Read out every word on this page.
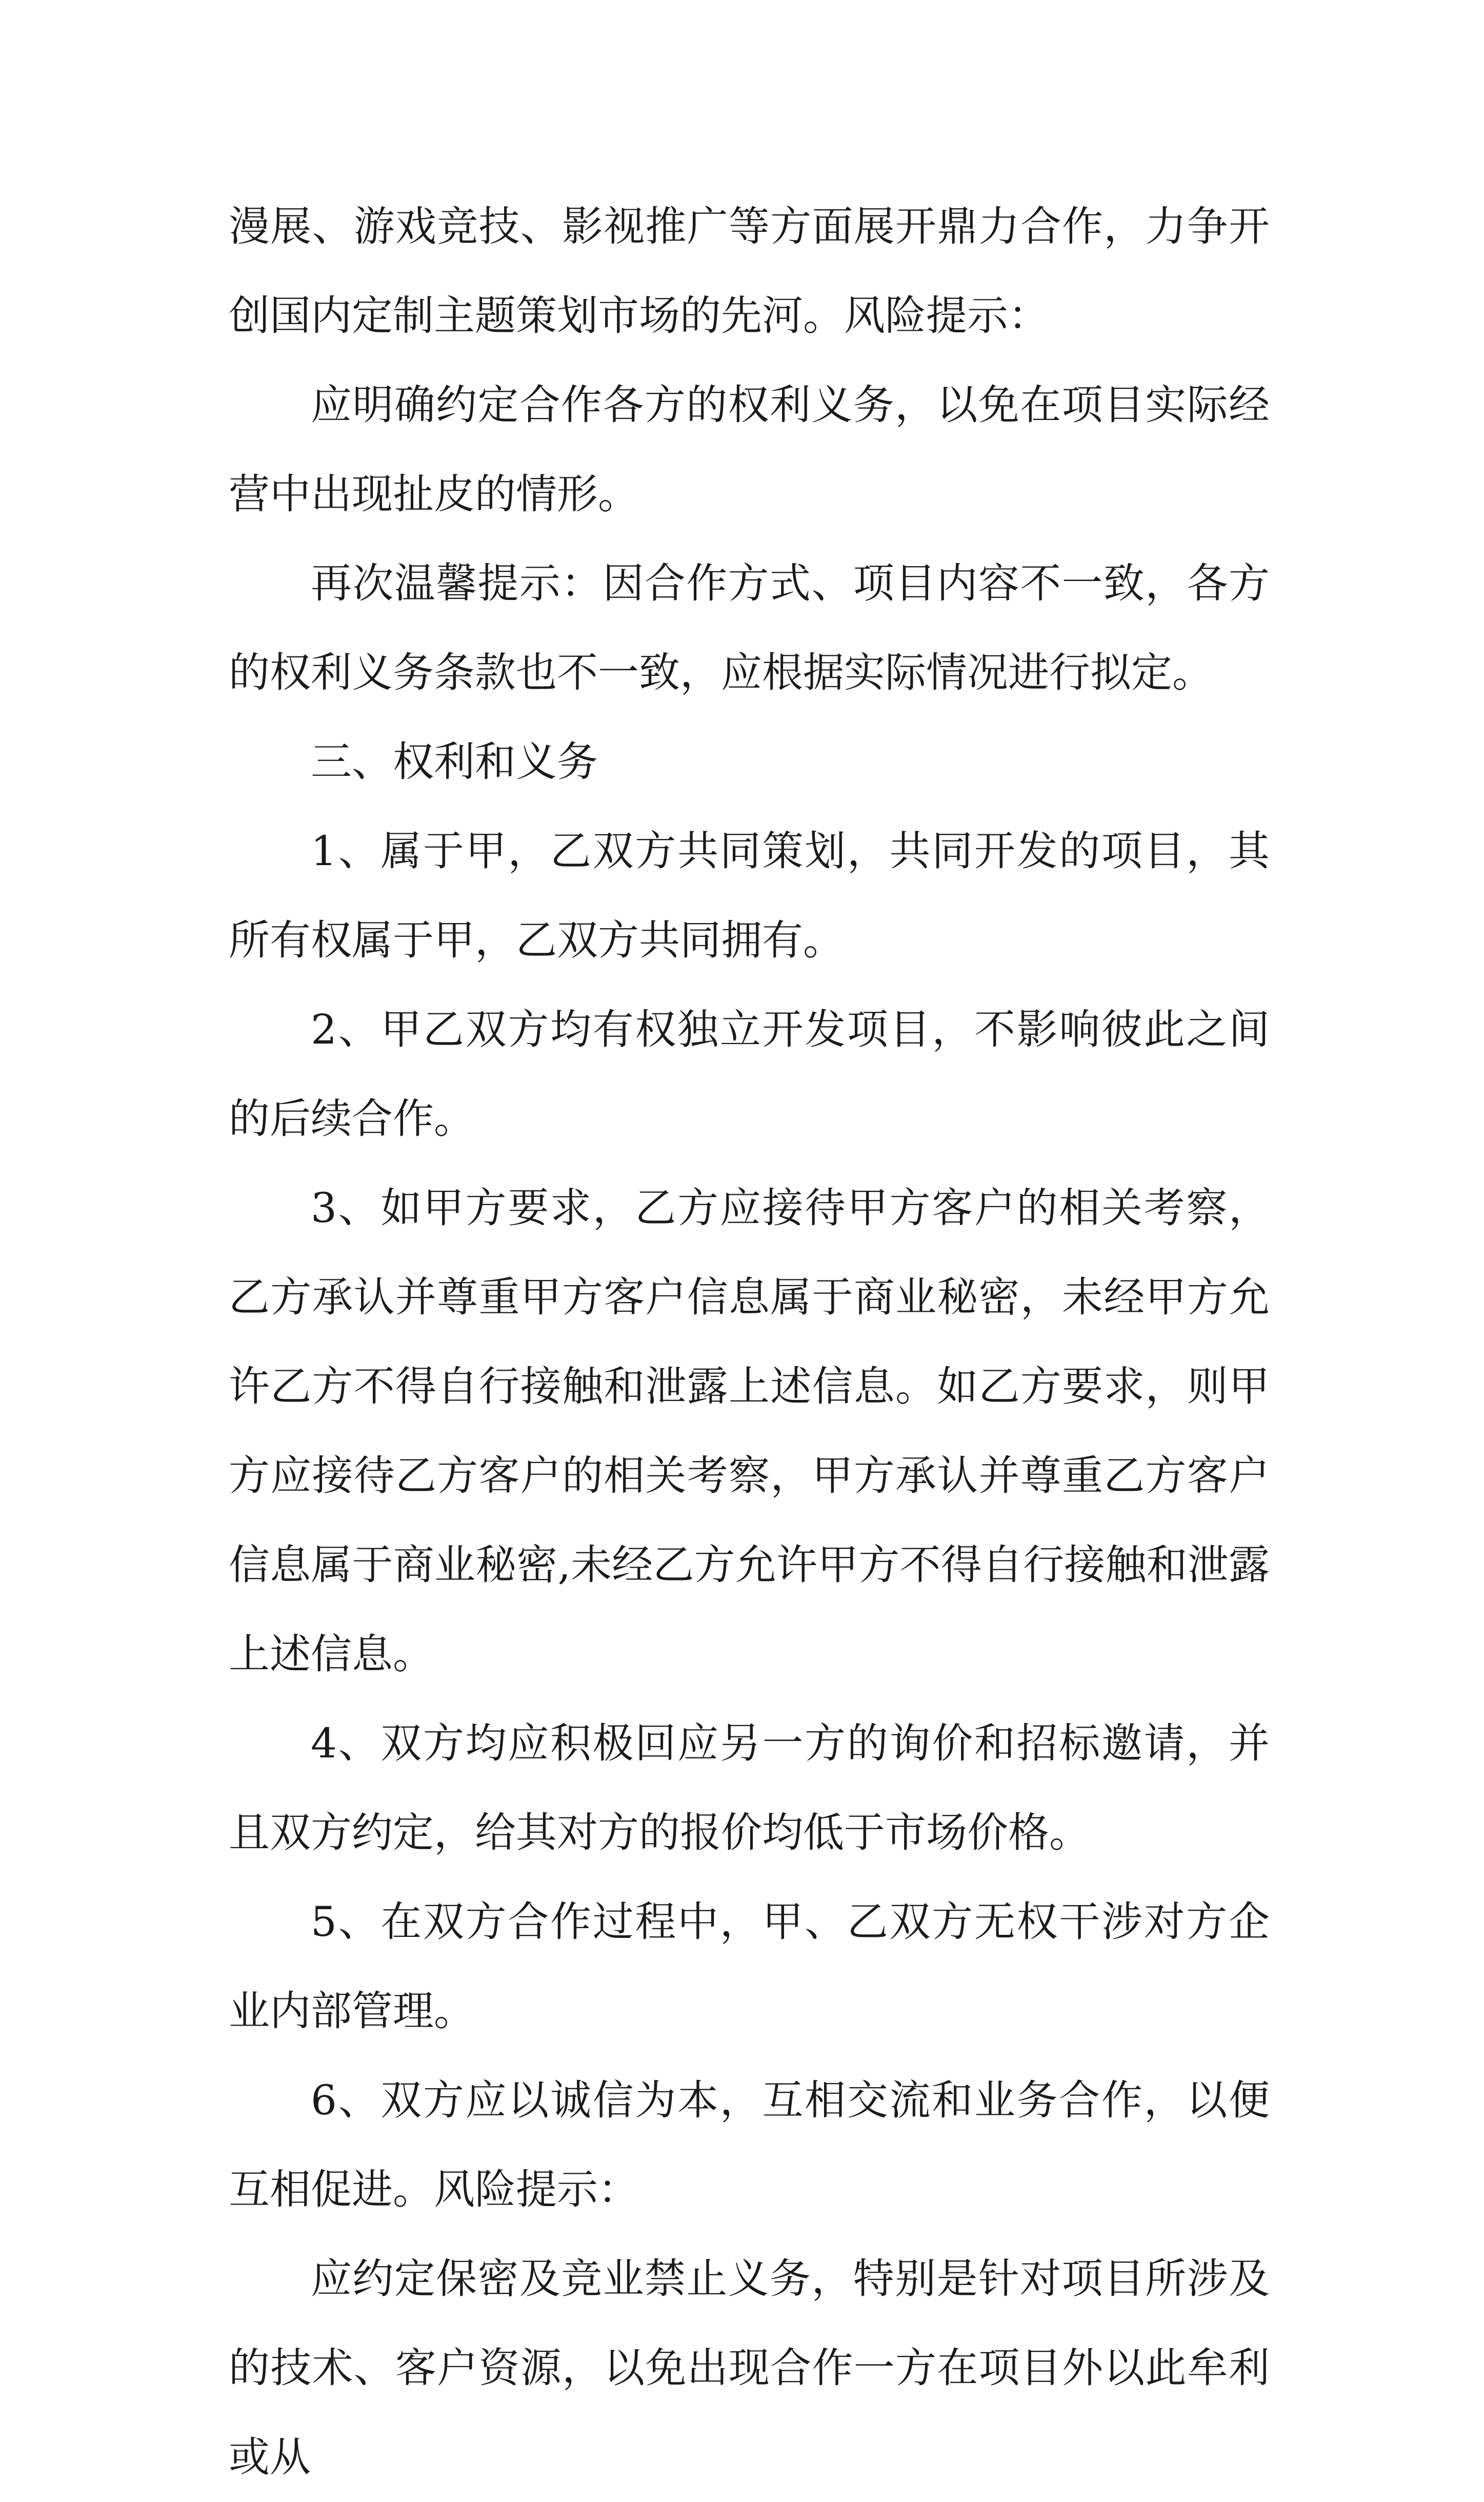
漫展、游戏竞技、影视推广等方面展开鼎力合作，力争开创国内定制主题策划市场的先河。风险提示：

应明确约定合作各方的权利义务，以免在项目实际经营中出现扯皮的情形。

再次温馨提示：因合作方式、项目内容不一致，各方的权利义务条款也不一致，应根据实际情况进行拟定。

三、权利和义务

1、属于甲，乙双方共同策划，共同开发的项目，其所有权属于甲，乙双方共同拥有。

2、甲乙双方均有权独立开发项目，不影响彼此之间的后续合作。

3、如甲方要求，乙方应接待甲方客户的相关考察，乙方承认并尊重甲方客户信息属于商业秘密，未经甲方允许乙方不得自行接触和泄露上述信息。如乙方要求，则甲方应接待乙方客户的相关考察，甲方承认并尊重乙方客户信息属于商业秘密,未经乙方允许甲方不得自行接触和泄露上述信息。

4、双方均应积极回应另一方的询价和招标邀请，并且双方约定，给其对方的报价均低于市场价格。

5、在双方合作过程中，甲、乙双方无权干涉对方企业内部管理。

6、双方应以诚信为本，互相交流和业务合作，以便互相促进。风险提示：

应约定保密及竞业禁止义务，特别是针对项目所涉及的技术、客户资源，以免出现合作一方在项目外以此牟利或从
